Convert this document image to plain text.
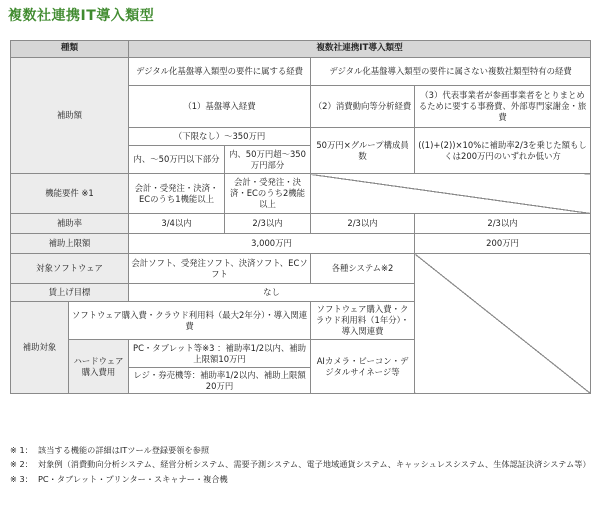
複数社連携IT導入類型
種類		複数社連携IT導入類型			
補助額		デジタル化基盤導入類型の要件に属する経費		デジタル化基盤導入類型の要件に属さない複数社類型特有の経費	
		（1）基盤導入経費		（2）消費動向等分析経費	（3）代表事業者が参画事業者をとりまとめるために要する事務費、外部専門家謝金・旅費
		（下限なし）～350万円		50万円×グループ構成員数	((1)+(2))×10%に補助率2/3を乗じた額もしくは200万円のいずれか低い方
		内、～50万円以下部分	内、50万円超～350万円部分		
機能要件 ※1		会計・受発注・決済・ECのうち1機能以上	会計・受発注・決済・ECのうち2機能以上		
補助率		3/4以内	2/3以内	2/3以内	2/3以内
補助上限額		3,000万円			200万円
対象ソフトウェア		会計ソフト、受発注ソフト、決済ソフト、ECソフト		各種システム※2	
賃上げ目標		なし			
補助対象	ソフトウェア購入費・クラウド利用料（最大2年分）・導入関連費			ソフトウェア購入費・クラウド利用料（1年分）・導入関連費	

	ハードウェア購入費用	PC・タブレット等※3 ：補助率1/2以内、補助上限額10万円		AIカメラ・ビーコン・デジタルサイネージ等	
		レジ・券売機等：補助率1/2以内、補助上限額20万円			
※ 1： 該当する機能の詳細はITツール登録要領を参照
※ 2： 対象例（消費動向分析システム、経営分析システム、需要予測システム、電子地域通貨システム、キャッシュレスシステム、生体認証決済システム等）
※ 3： PC・タブレット・プリンター・スキャナー・複合機
